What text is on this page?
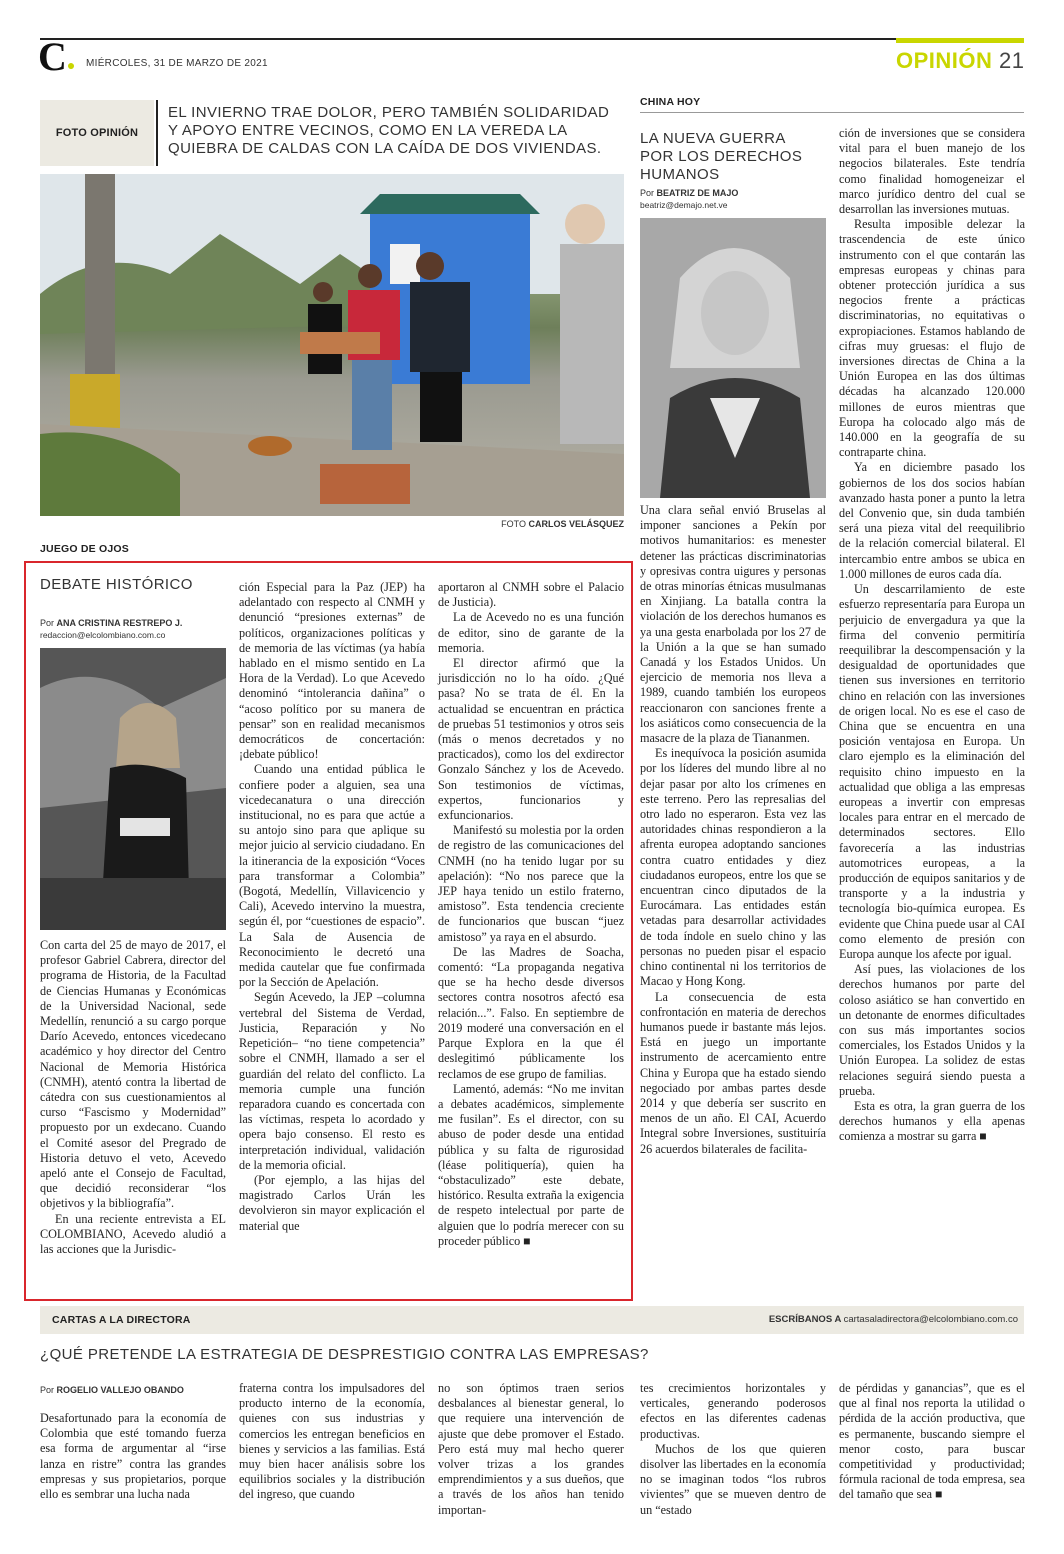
C● MIÉRCOLES, 31 DE MARZO DE 2021	OPINIÓN 21
FOTO OPINIÓN
EL INVIERNO TRAE DOLOR, PERO TAMBIÉN SOLIDARIDAD Y APOYO ENTRE VECINOS, COMO EN LA VEREDA LA QUIEBRA DE CALDAS CON LA CAÍDA DE DOS VIVIENDAS.
FOTO CARLOS VELÁSQUEZ
JUEGO DE OJOS
DEBATE HISTÓRICO
Por ANA CRISTINA RESTREPO J.
redaccion@elcolombiano.com.co

Con carta del 25 de mayo de 2017, el profesor Gabriel Cabrera, director del programa de Historia, de la Facultad de Ciencias Humanas y Económicas de la Universidad Nacional, sede Medellín, renunció a su cargo porque Darío Acevedo, entonces vicedecano académico y hoy director del Centro Nacional de Memoria Histórica (CNMH), atentó contra la libertad de cátedra con sus cuestionamientos al curso “Fascismo y Modernidad” propuesto por un exdecano. Cuando el Comité asesor del Pregrado de Historia detuvo el veto, Acevedo apeló ante el Consejo de Facultad, que decidió reconsiderar “los objetivos y la bibliografía”.

En una reciente entrevista a EL COLOMBIANO, Acevedo aludió a las acciones que la Jurisdic-

ción Especial para la Paz (JEP) ha adelantado con respecto al CNMH y denunció “presiones externas” de políticos, organizaciones políticas y de memoria de las víctimas (ya había hablado en el mismo sentido en La Hora de la Verdad). Lo que Acevedo denominó “intolerancia dañina” o “acoso político por su manera de pensar” son en realidad mecanismos democráticos de concertación: ¡debate público!

Cuando una entidad pública le confiere poder a alguien, sea una vicedecanatura o una dirección institucional, no es para que actúe a su antojo sino para que aplique su mejor juicio al servicio ciudadano. En la itinerancia de la exposición “Voces para transformar a Colombia” (Bogotá, Medellín, Villavicencio y Cali), Acevedo intervino la muestra, según él, por “cuestiones de espacio”. La Sala de Ausencia de Reconocimiento le decretó una medida cautelar que fue confirmada por la Sección de Apelación.

Según Acevedo, la JEP –columna vertebral del Sistema de Verdad, Justicia, Reparación y No Repetición– “no tiene competencia” sobre el CNMH, llamado a ser el guardián del relato del conflicto. La memoria cumple una función reparadora cuando es concertada con las víctimas, respeta lo acordado y opera bajo consenso. El resto es interpretación individual, validación de la memoria oficial.

(Por ejemplo, a las hijas del magistrado Carlos Urán les devolvieron sin mayor explicación el material que

aportaron al CNMH sobre el Palacio de Justicia).

La de Acevedo no es una función de editor, sino de garante de la memoria.

El director afirmó que la jurisdicción no lo ha oído. ¿Qué pasa? No se trata de él. En la actualidad se encuentran en práctica de pruebas 51 testimonios y otros seis (más o menos decretados y no practicados), como los del exdirector Gonzalo Sánchez y los de Acevedo. Son testimonios de víctimas, expertos, funcionarios y exfuncionarios.

Manifestó su molestia por la orden de registro de las comunicaciones del CNMH (no ha tenido lugar por su apelación): “No nos parece que la JEP haya tenido un estilo fraterno, amistoso”. Esta tendencia creciente de funcionarios que buscan “juez amistoso” ya raya en el absurdo.

De las Madres de Soacha, comentó: “La propaganda negativa que se ha hecho desde diversos sectores contra nosotros afectó esa relación...”. Falso. En septiembre de 2019 moderé una conversación en el Parque Explora en la que él deslegitimó públicamente los reclamos de ese grupo de familias.

Lamentó, además: “No me invitan a debates académicos, simplemente me fusilan”. Es el director, con su abuso de poder desde una entidad pública y su falta de rigurosidad (léase politiquería), quien ha “obstaculizado” este debate, histórico. Resulta extraña la exigencia de respeto intelectual por parte de alguien que lo podría merecer con su proceder público ■

CHINA HOY
LA NUEVA GUERRA POR LOS DERECHOS HUMANOS
Por BEATRIZ DE MAJO
beatriz@demajo.net.ve

Una clara señal envió Bruselas al imponer sanciones a Pekín por motivos humanitarios: es menester detener las prácticas discriminatorias y opresivas contra uigures y personas de otras minorías étnicas musulmanas en Xinjiang. La batalla contra la violación de los derechos humanos es ya una gesta enarbolada por los 27 de la Unión a la que se han sumado Canadá y los Estados Unidos. Un ejercicio de memoria nos lleva a 1989, cuando también los europeos reaccionaron con sanciones frente a los asiáticos como consecuencia de la masacre de la plaza de Tiananmen.

Es inequívoca la posición asumida por los líderes del mundo libre al no dejar pasar por alto los crímenes en este terreno. Pero las represalias del otro lado no esperaron. Esta vez las autoridades chinas respondieron a la afrenta europea adoptando sanciones contra cuatro entidades y diez ciudadanos europeos, entre los que se encuentran cinco diputados de la Eurocámara. Las entidades están vetadas para desarrollar actividades de toda índole en suelo chino y las personas no pueden pisar el espacio chino continental ni los territorios de Macao y Hong Kong.

La consecuencia de esta confrontación en materia de derechos humanos puede ir bastante más lejos. Está en juego un importante instrumento de acercamiento entre China y Europa que ha estado siendo negociado por ambas partes desde 2014 y que debería ser suscrito en menos de un año. El CAI, Acuerdo Integral sobre Inversiones, sustituiría 26 acuerdos bilaterales de facilita-

ción de inversiones que se considera vital para el buen manejo de los negocios bilaterales. Este tendría como finalidad homogeneizar el marco jurídico dentro del cual se desarrollan las inversiones mutuas.

Resulta imposible delezar la trascendencia de este único instrumento con el que contarán las empresas europeas y chinas para obtener protección jurídica a sus negocios frente a prácticas discriminatorias, no equitativas o expropiaciones. Estamos hablando de cifras muy gruesas: el flujo de inversiones directas de China a la Unión Europea en las dos últimas décadas ha alcanzado 120.000 millones de euros mientras que Europa ha colocado algo más de 140.000 en la geografía de su contraparte china.

Ya en diciembre pasado los gobiernos de los dos socios habían avanzado hasta poner a punto la letra del Convenio que, sin duda también será una pieza vital del reequilibrio de la relación comercial bilateral. El intercambio entre ambos se ubica en 1.000 millones de euros cada día.

Un descarrilamiento de este esfuerzo representaría para Europa un perjuicio de envergadura ya que la firma del convenio permitiría reequilibrar la descompensación y la desigualdad de oportunidades que tienen sus inversiones en territorio chino en relación con las inversiones de origen local. No es ese el caso de China que se encuentra en una posición ventajosa en Europa. Un claro ejemplo es la eliminación del requisito chino impuesto en la actualidad que obliga a las empresas europeas a invertir con empresas locales para entrar en el mercado de determinados sectores. Ello favorecería a las industrias automotrices europeas, a la producción de equipos sanitarios y de transporte y a la industria y tecnología bio-química europea. Es evidente que China puede usar al CAI como elemento de presión con Europa aunque los afecte por igual.

Así pues, las violaciones de los derechos humanos por parte del coloso asiático se han convertido en un detonante de enormes dificultades con sus más importantes socios comerciales, los Estados Unidos y la Unión Europea. La solidez de estas relaciones seguirá siendo puesta a prueba.

Esta es otra, la gran guerra de los derechos humanos y ella apenas comienza a mostrar su garra ■

CARTAS A LA DIRECTORA	ESCRÍBANOS A cartasaladirectora@elcolombiano.com.co
¿QUÉ PRETENDE LA ESTRATEGIA DE DESPRESTIGIO CONTRA LAS EMPRESAS?
Por ROGELIO VALLEJO OBANDO

Desafortunado para la economía de Colombia que esté tomando fuerza esa forma de argumentar al “irse lanza en ristre” contra las grandes empresas y sus propietarios, porque ello es sembrar una lucha nada

fraterna contra los impulsadores del producto interno de la economía, quienes con sus industrias y comercios les entregan beneficios en bienes y servicios a las familias. Está muy bien hacer análisis sobre los equilibrios sociales y la distribución del ingreso, que cuando

no son óptimos traen serios desbalances al bienestar general, lo que requiere una intervención de ajuste que debe promover el Estado. Pero está muy mal hecho querer volver trizas a los grandes emprendimientos y a sus dueños, que a través de los años han tenido importan-

tes crecimientos horizontales y verticales, generando poderosos efectos en las diferentes cadenas productivas.

Muchos de los que quieren disolver las libertades en la economía no se imaginan todos “los rubros vivientes” que se mueven dentro de un “estado

de pérdidas y ganancias”, que es el que al final nos reporta la utilidad o pérdida de la acción productiva, que es permanente, buscando siempre el menor costo, para buscar competitividad y productividad; fórmula racional de toda empresa, sea del tamaño que sea ■
